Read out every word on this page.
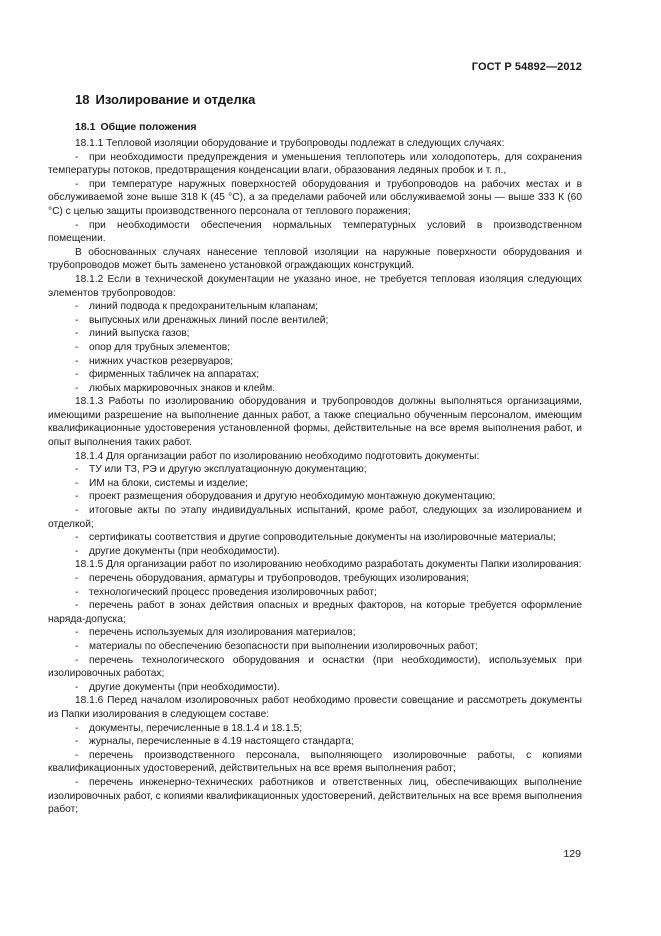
ГОСТ Р 54892—2012
18 Изолирование и отделка
18.1 Общие положения

18.1.1 Тепловой изоляции оборудование и трубопроводы подлежат в следующих случаях:

- при необходимости предупреждения и уменьшения теплопотерь или холодопотерь, для сохранения температуры потоков, предотвращения конденсации влаги, образования ледяных пробок и т. п.,

- при температуре наружных поверхностей оборудования и трубопроводов на рабочих местах и в обслуживаемой зоне выше 318 К (45 °C), а за пределами рабочей или обслуживаемой зоны — выше 333 К (60 °C) с целью защиты производственного персонала от теплового поражения;

- при необходимости обеспечения нормальных температурных условий в производственном помещении.

В обоснованных случаях нанесение тепловой изоляции на наружные поверхности оборудования и трубопроводов может быть заменено установкой ограждающих конструкций.

18.1.2 Если в технической документации не указано иное, не требуется тепловая изоляция следующих элементов трубопроводов:

- линий подвода к предохранительным клапанам;

- выпускных или дренажных линий после вентилей;

- линий выпуска газов;

- опор для трубных элементов;

- нижних участков резервуаров;

- фирменных табличек на аппаратах;

- любых маркировочных знаков и клейм.

18.1.3 Работы по изолированию оборудования и трубопроводов должны выполняться организациями, имеющими разрешение на выполнение данных работ, а также специально обученным персоналом, имеющим квалификационные удостоверения установленной формы, действительные на все время выполнения работ, и опыт выполнения таких работ.

18.1.4 Для организации работ по изолированию необходимо подготовить документы:

- ТУ или ТЗ, РЭ и другую эксплуатационную документацию;

- ИМ на блоки, системы и изделие;

- проект размещения оборудования и другую необходимую монтажную документацию;

- итоговые акты по этапу индивидуальных испытаний, кроме работ, следующих за изолированием и отделкой;

- сертификаты соответствия и другие сопроводительные документы на изолировочные материалы;

- другие документы (при необходимости).

18.1.5 Для организации работ по изолированию необходимо разработать документы Папки изолирования:

- перечень оборудования, арматуры и трубопроводов, требующих изолирования;

- технологический процесс проведения изолировочных работ;

- перечень работ в зонах действия опасных и вредных факторов, на которые требуется оформление наряда-допуска;

- перечень используемых для изолирования материалов;

- материалы по обеспечению безопасности при выполнении изолировочных работ;

- перечень технологического оборудования и оснастки (при необходимости), используемых при изолировочных работах;

- другие документы (при необходимости).

18.1.6 Перед началом изолировочных работ необходимо провести совещание и рассмотреть документы из Папки изолирования в следующем составе:

- документы, перечисленные в 18.1.4 и 18.1.5;

- журналы, перечисленные в 4.19 настоящего стандарта;

- перечень производственного персонала, выполняющего изолировочные работы, с копиями квалификационных удостоверений, действительных на все время выполнения работ;

- перечень инженерно-технических работников и ответственных лиц, обеспечивающих выполнение изолировочных работ, с копиями квалификационных удостоверений, действительных на все время выполнения работ;

129
